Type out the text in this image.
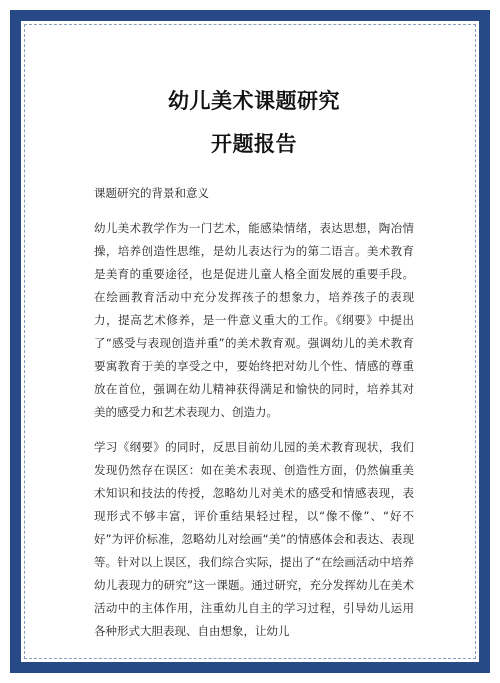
幼儿美术课题研究
开题报告
课题研究的背景和意义

幼儿美术教学作为一门艺术，能感染情绪，表达思想，陶冶情操，培养创造性思维，是幼儿表达行为的第二语言。美术教育是美育的重要途径，也是促进儿童人格全面发展的重要手段。在绘画教育活动中充分发挥孩子的想象力，培养孩子的表现力，提高艺术修养，是一件意义重大的工作。《纲要》中提出了“感受与表现创造并重”的美术教育观。强调幼儿的美术教育要寓教育于美的享受之中，要始终把对幼儿个性、情感的尊重放在首位，强调在幼儿精神获得满足和愉快的同时，培养其对美的感受力和艺术表现力、创造力。

学习《纲要》的同时，反思目前幼儿园的美术教育现状，我们发现仍然存在误区：如在美术表现、创造性方面，仍然偏重美术知识和技法的传授，忽略幼儿对美术的感受和情感表现，表现形式不够丰富，评价重结果轻过程，以“像不像”、“好不好”为评价标准，忽略幼儿对绘画“美”的情感体会和表达、表现等。针对以上误区，我们综合实际，提出了“在绘画活动中培养幼儿表现力的研究”这一课题。通过研究，充分发挥幼儿在美术活动中的主体作用，注重幼儿自主的学习过程，引导幼儿运用各种形式大胆表现、自由想象，让幼儿
